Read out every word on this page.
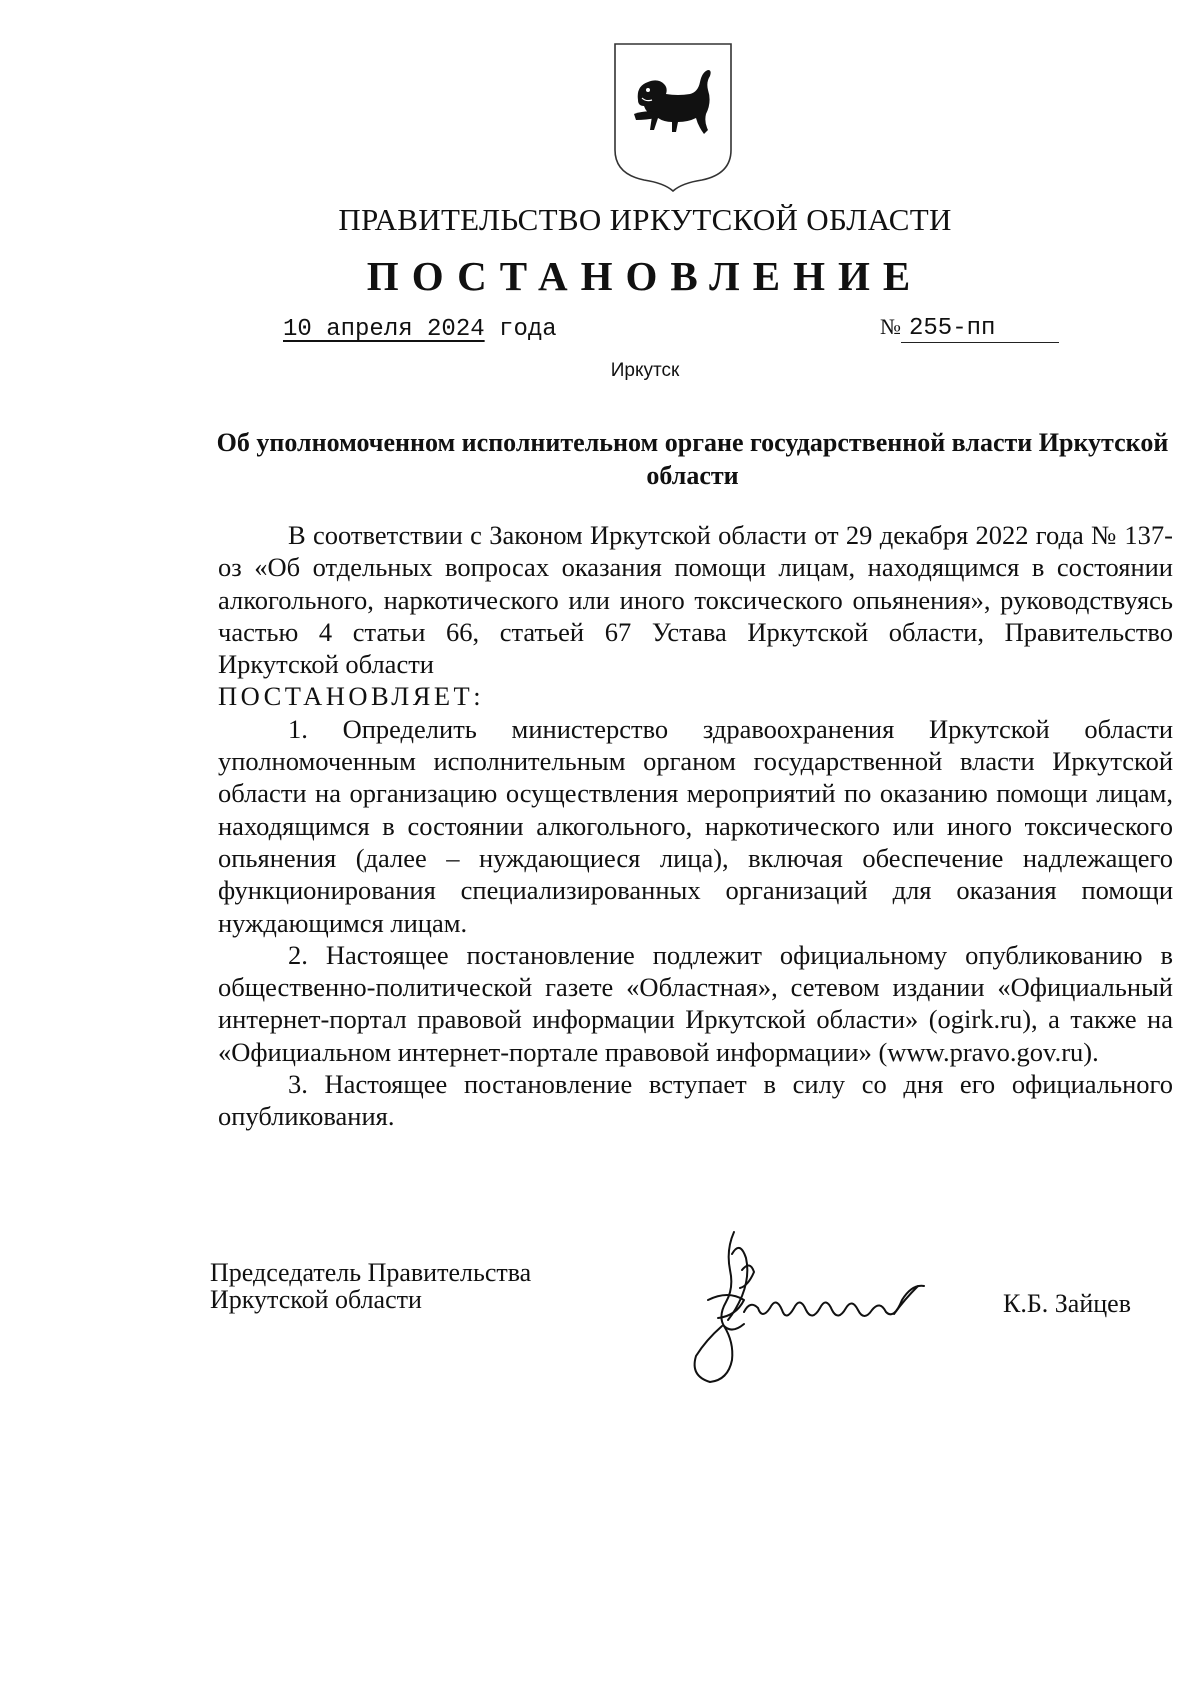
ПРАВИТЕЛЬСТВО ИРКУТСКОЙ ОБЛАСТИ
ПОСТАНОВЛЕНИЕ
10 апреля 2024 года	№ 255-пп
Иркутск
Об уполномоченном исполнительном органе государственной власти Иркутской области

В соответствии с Законом Иркутской области от 29 декабря 2022 года № 137-оз «Об отдельных вопросах оказания помощи лицам, находящимся в состоянии алкогольного, наркотического или иного токсического опьянения», руководствуясь частью 4 статьи 66, статьей 67 Устава Иркутской области, Правительство Иркутской области

ПОСТАНОВЛЯЕТ:

1. Определить министерство здравоохранения Иркутской области уполномоченным исполнительным органом государственной власти Иркутской области на организацию осуществления мероприятий по оказанию помощи лицам, находящимся в состоянии алкогольного, наркотического или иного токсического опьянения (далее – нуждающиеся лица), включая обеспечение надлежащего функционирования специализированных организаций для оказания помощи нуждающимся лицам.

2. Настоящее постановление подлежит официальному опубликованию в общественно-политической газете «Областная», сетевом издании «Официальный интернет-портал правовой информации Иркутской области» (ogirk.ru), а также на «Официальном интернет-портале правовой информации» (www.pravo.gov.ru).

3. Настоящее постановление вступает в силу со дня его официального опубликования.

Председатель Правительства
Иркутской области	К.Б. Зайцев
